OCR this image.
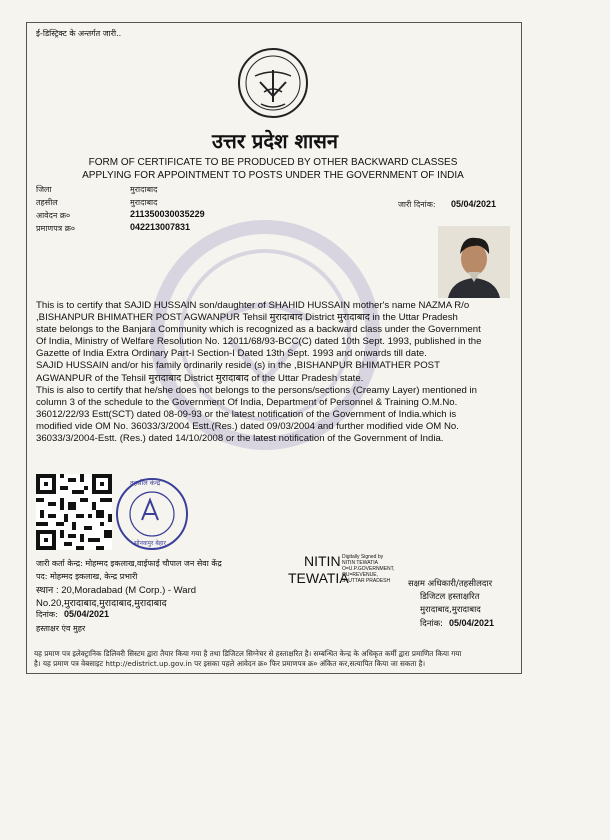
ई-डिस्ट्रिक्ट के अन्तर्गत जारी..
उत्तर प्रदेश शासन
FORM OF CERTIFICATE TO BE PRODUCED BY OTHER BACKWARD CLASSES
APPLYING FOR APPOINTMENT TO POSTS UNDER THE GOVERNMENT OF INDIA
जिला	मुरादाबाद
तहसील	मुरादाबाद
आवेदन क्र०	211350030035229
प्रमाणपत्र क्र०	042213007831
जारी दिनांक: 05/04/2021
This is to certify that SAJID HUSSAIN son/daughter of SHAHID HUSSAIN mother's name NAZMA R/o
,BISHANPUR BHIMATHER POST AGWANPUR Tehsil मुरादाबाद District मुरादाबाद in the Uttar Pradesh
state belongs to the Banjara Community which is recognized as a backward class under the Government
Of India, Ministry of Welfare Resolution No. 12011/68/93-BCC(C) dated 10th Sept. 1993, published in the
Gazette of India Extra Ordinary Part-I Section-I Dated 13th Sept. 1993 and onwards till date.
SAJID HUSSAIN and/or his family ordinarily reside (s) in the ,BISHANPUR BHIMATHER POST
AGWANPUR of the Tehsil मुरादाबाद District मुरादाबाद of the Uttar Pradesh state.
This is also to certify that he/she does not belongs to the persons/sections (Creamy Layer) mentioned in
column 3 of the schedule to the Government Of India, Department of Personnel & Training O.M.No.
36012/22/93 Estt(SCT) dated 08-09-93 or the latest notification of the Government of India.which is
modified vide OM No. 36033/3/2004 Estt.(Res.) dated 09/03/2004 and further modified vide OM No.
36033/3/2004-Estt. (Res.) dated 14/10/2008 or the latest notification of the Government of India.
तहसील केन्द्र
सोनकपुर बेहार
जारी कर्ता केन्द्र: मोहम्मद इकलाख,वाईफाई चौपाल जन सेवा केंद्र
पद: मोहम्मद इकलाख, केन्द्र प्रभारी
स्थान : 20,Moradabad (M Corp.) - Ward
No.20,मुरादाबाद,मुरादाबाद,मुरादाबाद
दिनांक: 05/04/2021
हस्ताक्षर एंव मुहर
NITIN
TEWATIA
Digitally Signed by
NITIN TEWATIA
O=U.P.GOVERNMENT,
OU=REVENUE,
S=UTTAR PRADESH	सक्षम अधिकारी/तहसीलदार
डिजिटल हस्ताक्षरित
मुरादाबाद,मुरादाबाद
दिनांक: 05/04/2021
यह प्रमाण पत्र इलेक्ट्रानिक डिलिवरी सिस्टम द्वारा तैयार किया गया है तथा डिजिटल सिग्नेचर से हस्ताक्षरित है। सम्बन्धित केन्द्र के अधिकृत कर्मी द्वारा प्रमाणित किया गया
है। यह प्रमाण पत्र वेबसाइट http://edistrict.up.gov.in पर इसका पहले आवेदन क्र० फिर प्रमाणपत्र क्र० अंकित कर,सत्यापित किया जा सकता है।
